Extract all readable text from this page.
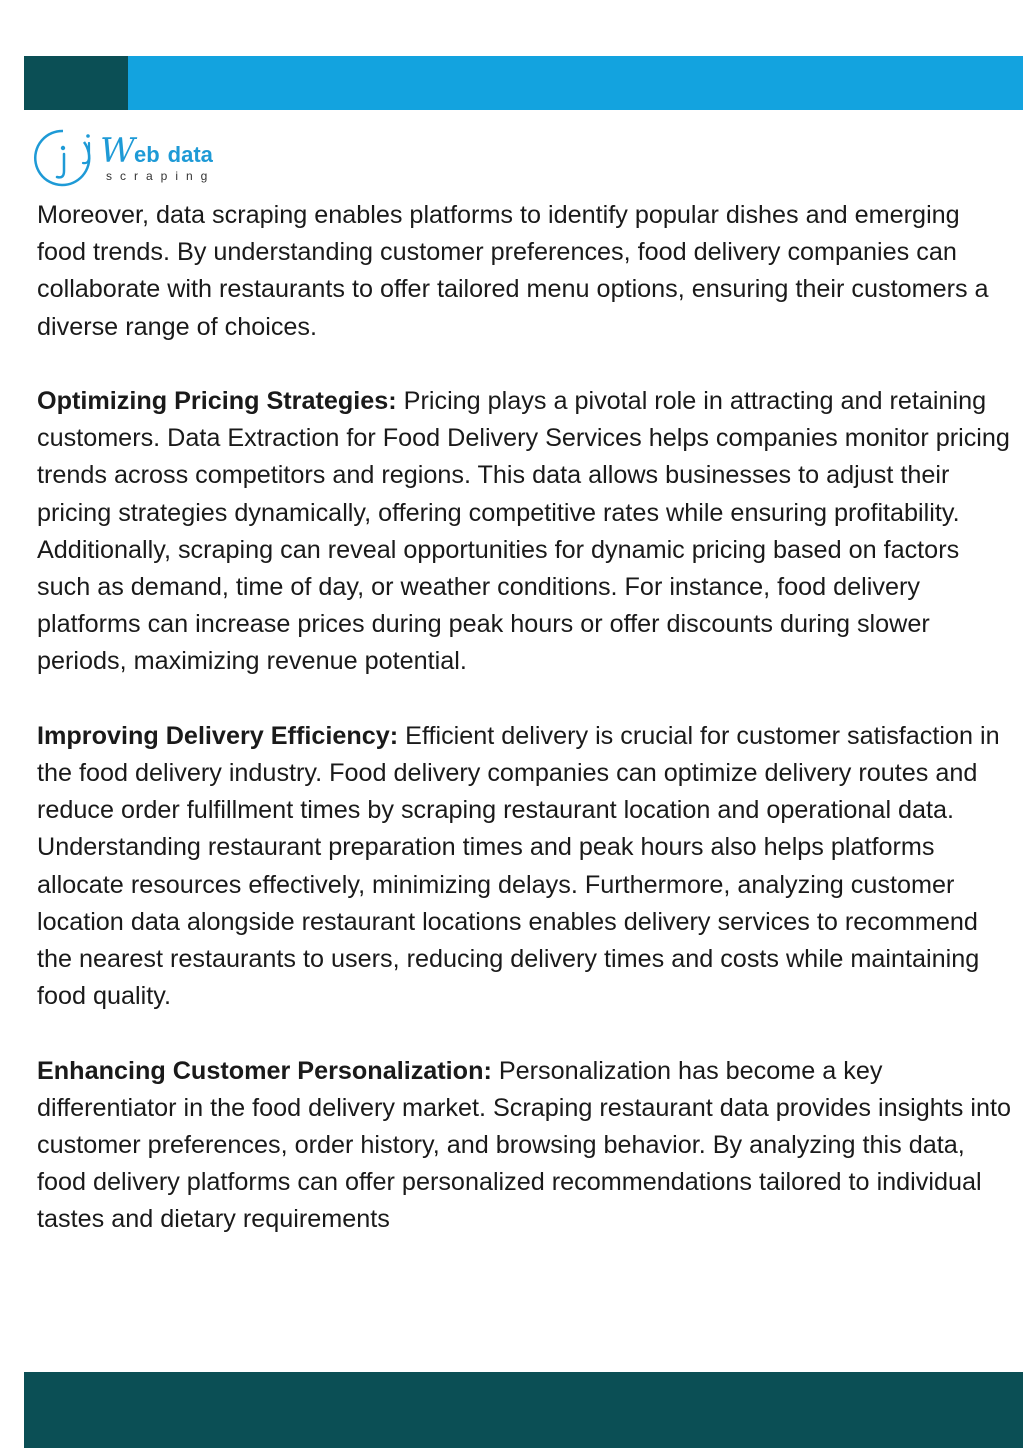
W eb data
scraping

Moreover, data scraping enables platforms to identify popular dishes and emerging food trends. By understanding customer preferences, food delivery companies can collaborate with restaurants to offer tailored menu options, ensuring their customers a diverse range of choices.

Optimizing Pricing Strategies: Pricing plays a pivotal role in attracting and retaining customers. Data Extraction for Food Delivery Services helps companies monitor pricing trends across competitors and regions. This data allows businesses to adjust their pricing strategies dynamically, offering competitive rates while ensuring profitability. Additionally, scraping can reveal opportunities for dynamic pricing based on factors such as demand, time of day, or weather conditions. For instance, food delivery platforms can increase prices during peak hours or offer discounts during slower periods, maximizing revenue potential.

Improving Delivery Efficiency: Efficient delivery is crucial for customer satisfaction in the food delivery industry. Food delivery companies can optimize delivery routes and reduce order fulfillment times by scraping restaurant location and operational data. Understanding restaurant preparation times and peak hours also helps platforms allocate resources effectively, minimizing delays. Furthermore, analyzing customer location data alongside restaurant locations enables delivery services to recommend the nearest restaurants to users, reducing delivery times and costs while maintaining food quality.

Enhancing Customer Personalization: Personalization has become a key differentiator in the food delivery market. Scraping restaurant data provides insights into customer preferences, order history, and browsing behavior. By analyzing this data, food delivery platforms can offer personalized recommendations tailored to individual tastes and dietary requirements
